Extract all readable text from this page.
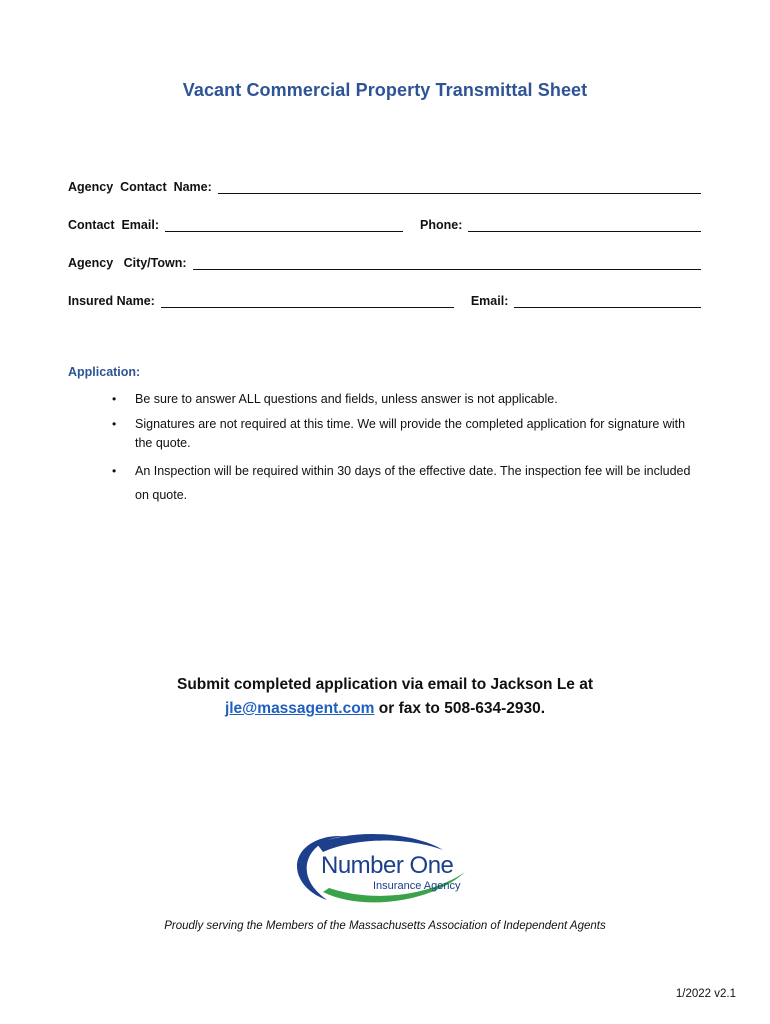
Vacant Commercial Property Transmittal Sheet
Agency  Contact  Name:
Contact  Email:	Phone:
Agency   City/Town:
Insured Name:	Email:
Application:
• Be sure to answer ALL questions and fields, unless answer is not applicable.
• Signatures are not required at this time. We will provide the completed application for signature with the quote.
• An Inspection will be required within 30 days of the effective date. The inspection fee will be included on quote.
Submit completed application via email to Jackson Le at
jle@massagent.com or fax to 508-634-2930.
Number One
Insurance Agency
Proudly serving the Members of the Massachusetts Association of Independent Agents
1/2022 v2.1
